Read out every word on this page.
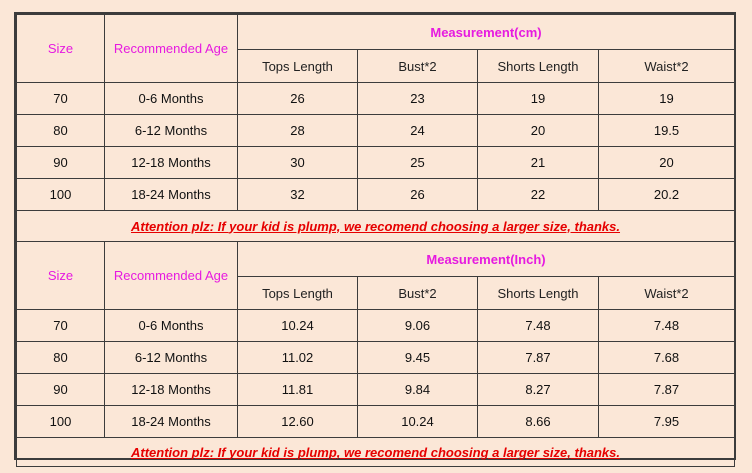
Size	Recommended Age	Measurement(cm)			
		Tops Length	Bust*2	Shorts Length	Waist*2
70	0-6 Months	26	23	19	19
80	6-12 Months	28	24	20	19.5
90	12-18 Months	30	25	21	20
100	18-24 Months	32	26	22	20.2
Attention plz: If your kid is plump, we recomend choosing a larger size, thanks.					
Size	Recommended Age	Measurement(Inch)			
		Tops Length	Bust*2	Shorts Length	Waist*2
70	0-6 Months	10.24	9.06	7.48	7.48
80	6-12 Months	11.02	9.45	7.87	7.68
90	12-18 Months	11.81	9.84	8.27	7.87
100	18-24 Months	12.60	10.24	8.66	7.95
Attention plz: If your kid is plump, we recomend choosing a larger size, thanks.					
